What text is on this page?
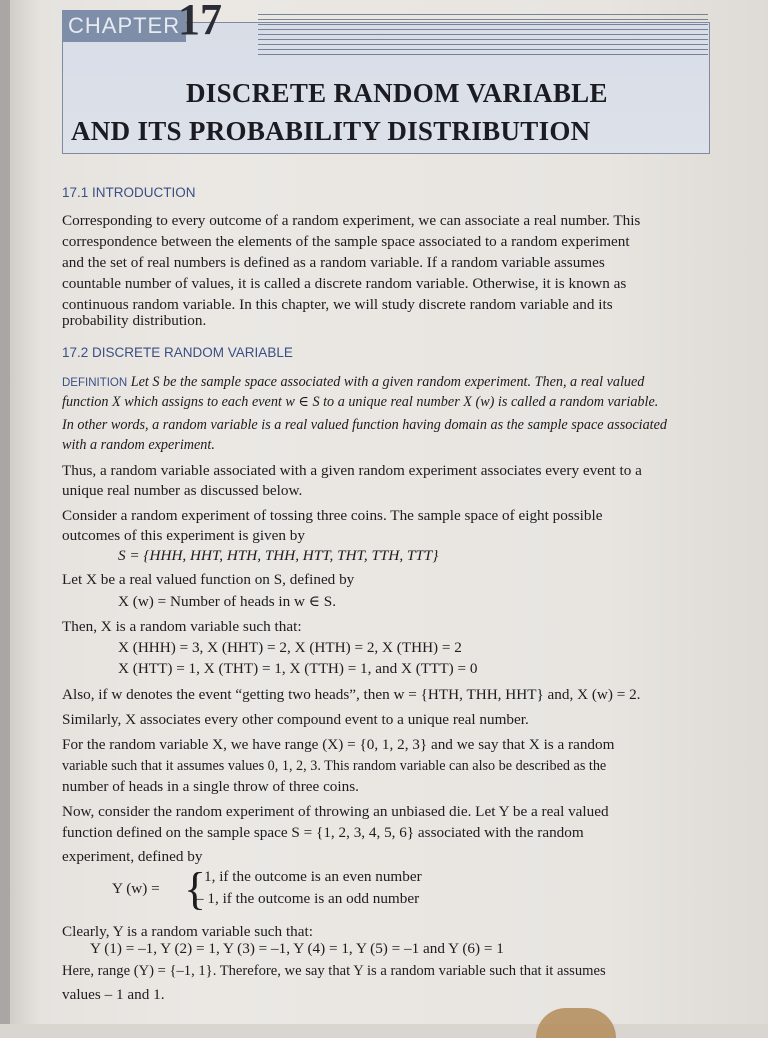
CHAPTER
17
DISCRETE RANDOM VARIABLE
AND ITS PROBABILITY DISTRIBUTION
17.1 INTRODUCTION
Corresponding to every outcome of a random experiment, we can associate a real number. This
correspondence between the elements of the sample space associated to a random experiment
and the set of real numbers is defined as a random variable. If a random variable assumes
countable number of values, it is called a discrete random variable. Otherwise, it is known as
continuous random variable. In this chapter, we will study discrete random variable and its
probability distribution.
17.2 DISCRETE RANDOM VARIABLE
DEFINITION Let S be the sample space associated with a given random experiment. Then, a real valued
function X which assigns to each event w ∈ S to a unique real number X (w) is called a random variable.
In other words, a random variable is a real valued function having domain as the sample space associated
with a random experiment.
Thus, a random variable associated with a given random experiment associates every event to a
unique real number as discussed below.
Consider a random experiment of tossing three coins. The sample space of eight possible
outcomes of this experiment is given by
S = {HHH, HHT, HTH, THH, HTT, THT, TTH, TTT}
Let X be a real valued function on S, defined by
X (w) = Number of heads in w ∈ S.
Then, X is a random variable such that:
X (HHH) = 3, X (HHT) = 2, X (HTH) = 2, X (THH) = 2
X (HTT) = 1, X (THT) = 1, X (TTH) = 1, and X (TTT) = 0
Also, if w denotes the event “getting two heads”, then w = {HTH, THH, HHT} and, X (w) = 2.
Similarly, X associates every other compound event to a unique real number.
For the random variable X, we have range (X) = {0, 1, 2, 3} and we say that X is a random
variable such that it assumes values 0, 1, 2, 3. This random variable can also be described as the
number of heads in a single throw of three coins.
Now, consider the random experiment of throwing an unbiased die. Let Y be a real valued
function defined on the sample space S = {1, 2, 3, 4, 5, 6} associated with the random
experiment, defined by
Y (w) = {
1, if the outcome is an even number
– 1, if the outcome is an odd number
Clearly, Y is a random variable such that:
Y (1) = –1, Y (2) = 1, Y (3) = –1, Y (4) = 1, Y (5) = –1 and Y (6) = 1
Here, range (Y) = {–1, 1}. Therefore, we say that Y is a random variable such that it assumes
values – 1 and 1.
